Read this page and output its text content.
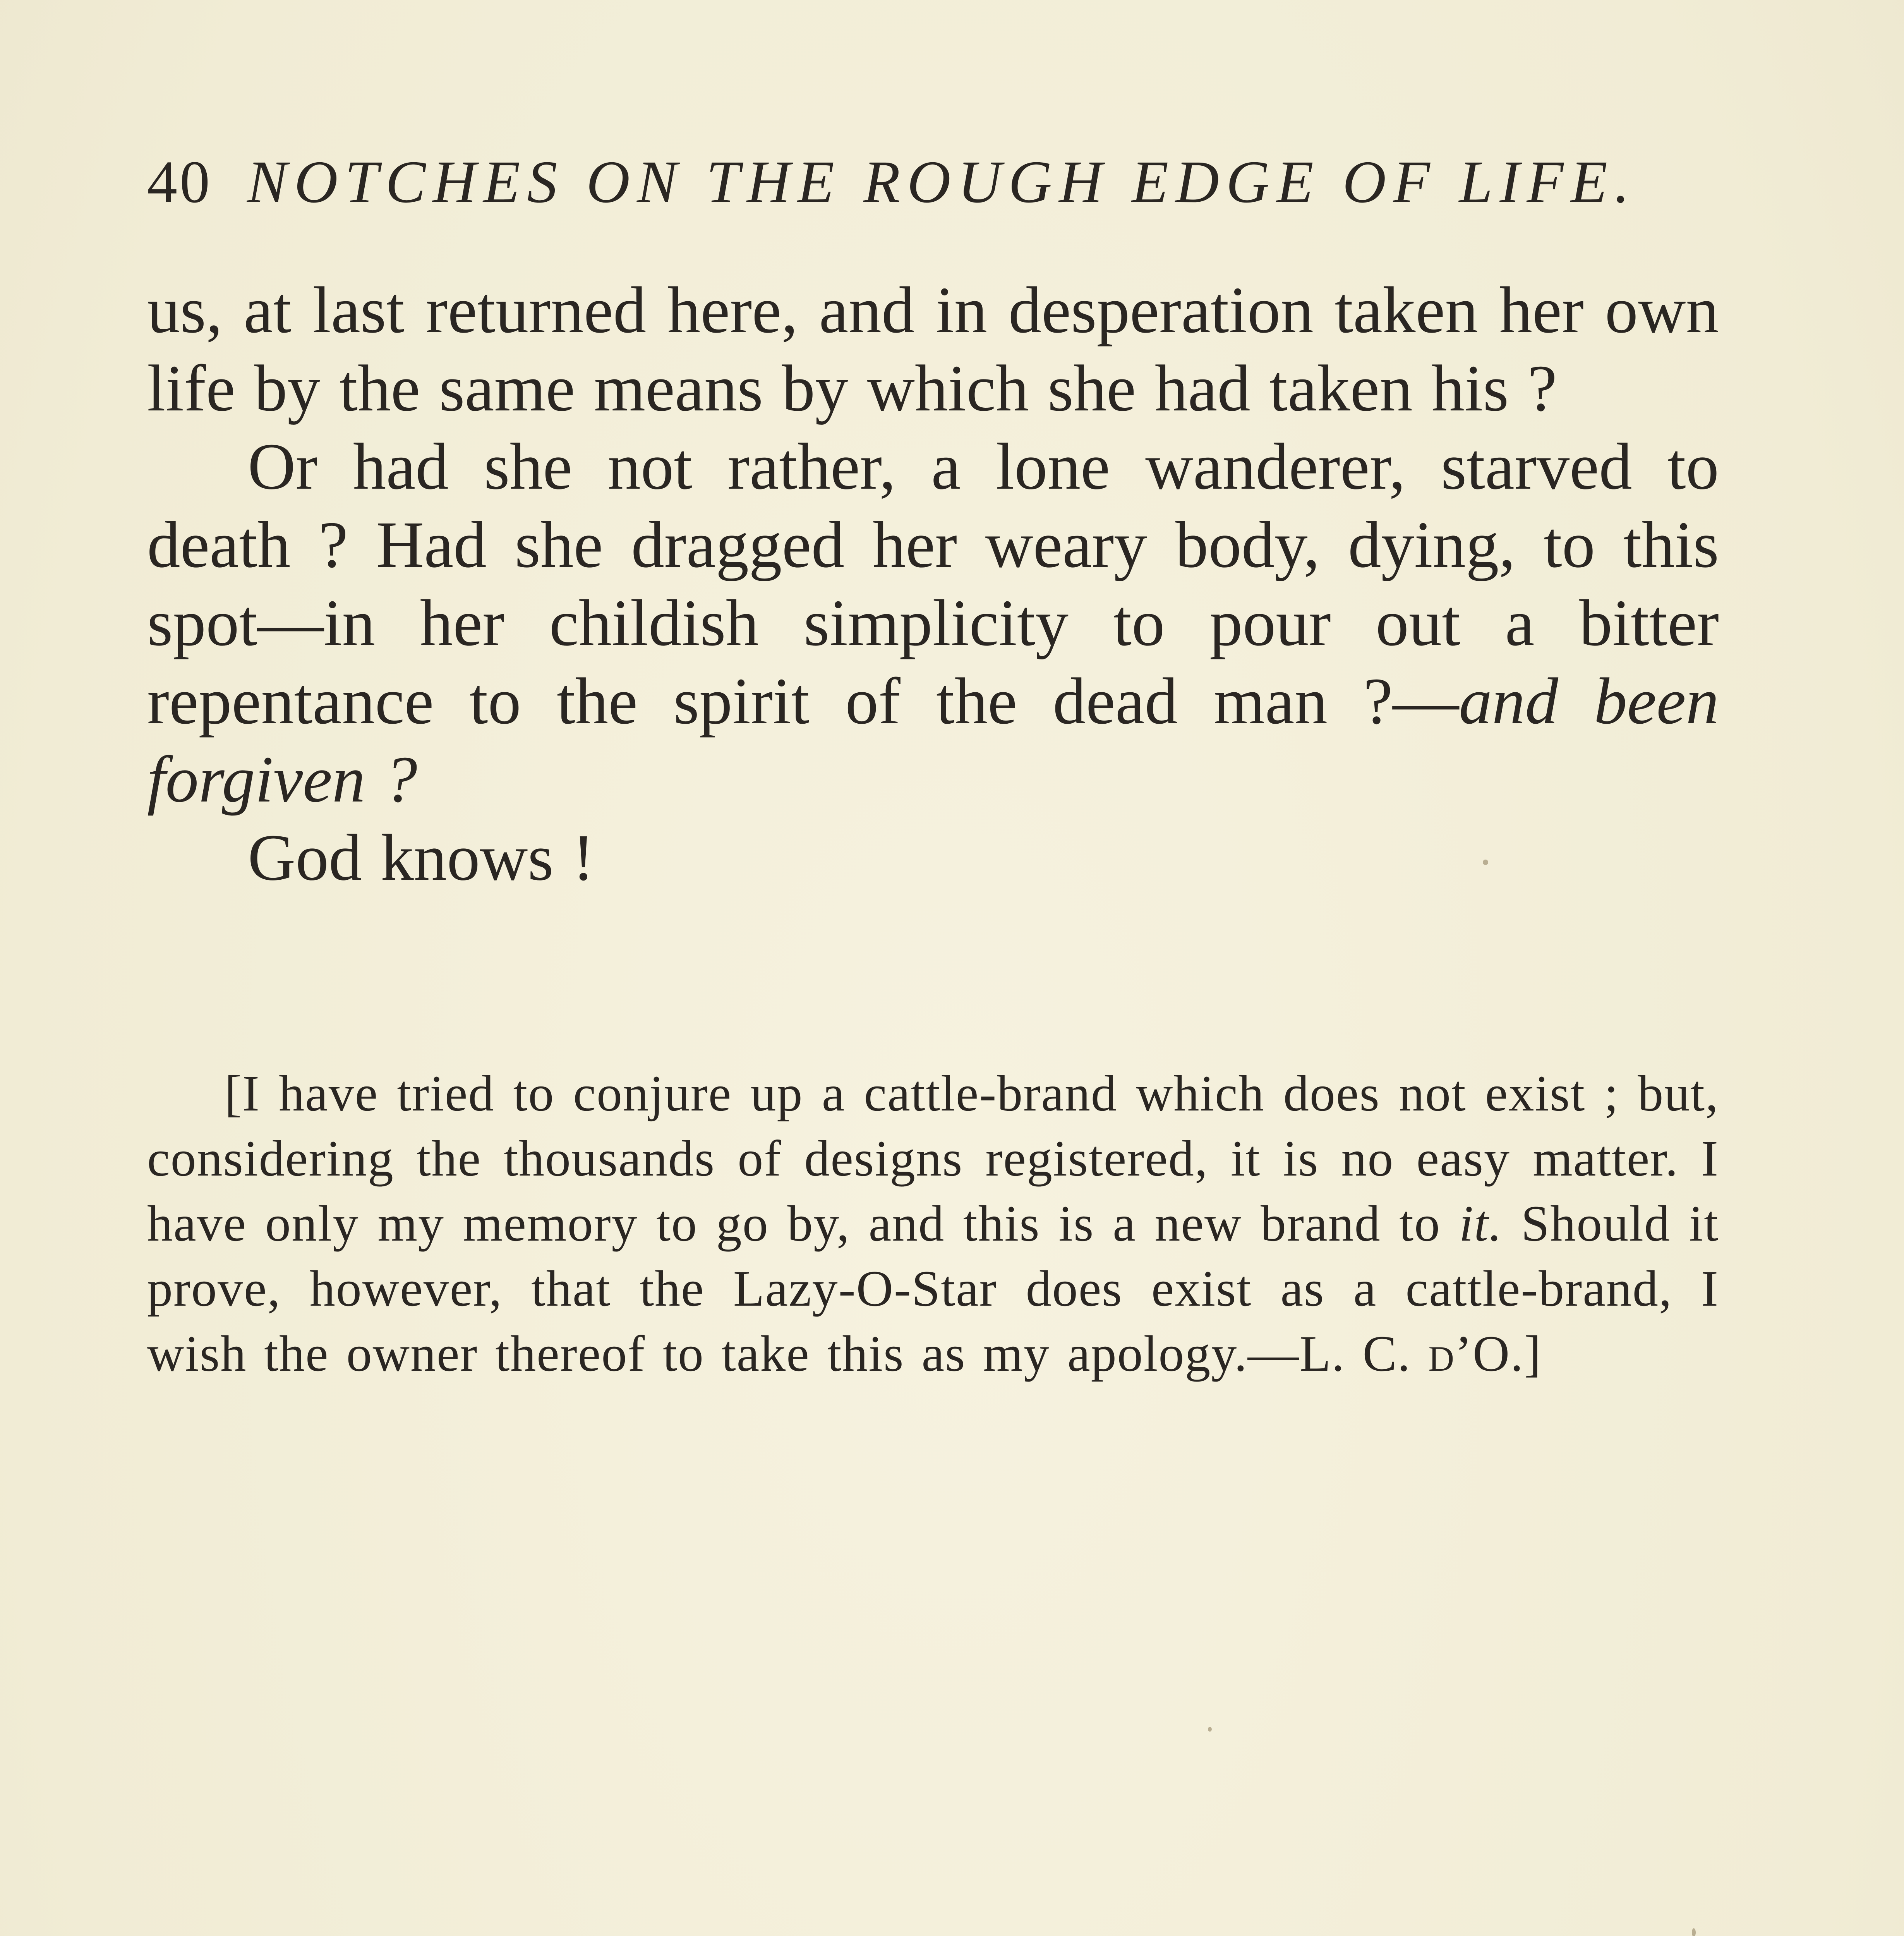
40 NOTCHES ON THE ROUGH EDGE OF LIFE.

us, at last returned here, and in desperation taken her own life by the same means by which she had taken his ?

Or had she not rather, a lone wanderer, starved to death ? Had she dragged her weary body, dying, to this spot—in her childish simplicity to pour out a bitter repentance to the spirit of the dead man ?—and been forgiven ?

God knows !

[I have tried to conjure up a cattle-brand which does not exist ; but, considering the thousands of designs registered, it is no easy matter. I have only my memory to go by, and this is a new brand to it. Should it prove, however, that the Lazy-O-Star does exist as a cattle-brand, I wish the owner thereof to take this as my apology.—L. C. d’O.]
